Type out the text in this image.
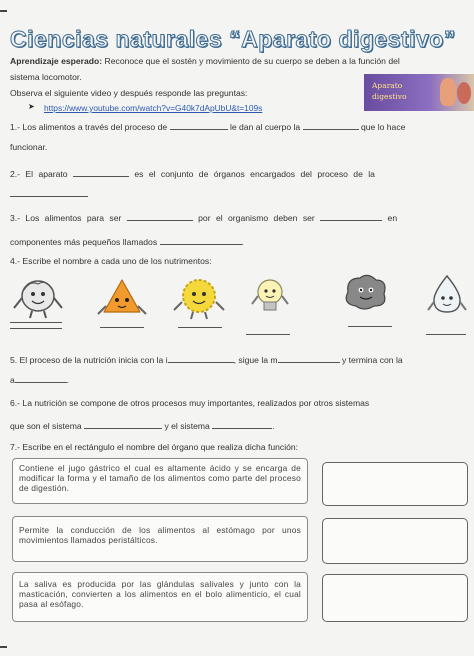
Ciencias naturales “Aparato digestivo”
Aprendizaje esperado: Reconoce que el sostén y movimiento de su cuerpo se deben a la función del
sistema locomotor.
Aparato
digestivo
Observa el siguiente video y después responde las preguntas:
➤ https://www.youtube.com/watch?v=G40k7dApUbU&t=109s
1.- Los alimentos a través del proceso de	le dan al cuerpo la	que lo hace
funcionar.
2.- El aparato	es el conjunto de órganos encargados del proceso de la
3.- Los alimentos para ser	por el organismo deben ser	en
componentes más pequeños llamados	.
4.- Escribe el nombre a cada uno de los nutrimentos:
5. El proceso de la nutrición inicia con la i	, sigue la m	y termina con la
a	.
6.- La nutrición se compone de otros procesos muy importantes, realizados por otros sistemas
que son el sistema	y el sistema	.
7.- Escribe en el rectángulo el nombre del órgano que realiza dicha función:
Contiene el jugo gástrico el cual es altamente ácido y se encarga de modificar la forma y el tamaño de los alimentos como parte del proceso de digestión.
Permite la conducción de los alimentos al estómago por unos movimientos llamados peristálticos.
La saliva es producida por las glándulas salivales y junto con la masticación, convierten a los alimentos en el bolo alimenticio, el cual pasa al esófago.
